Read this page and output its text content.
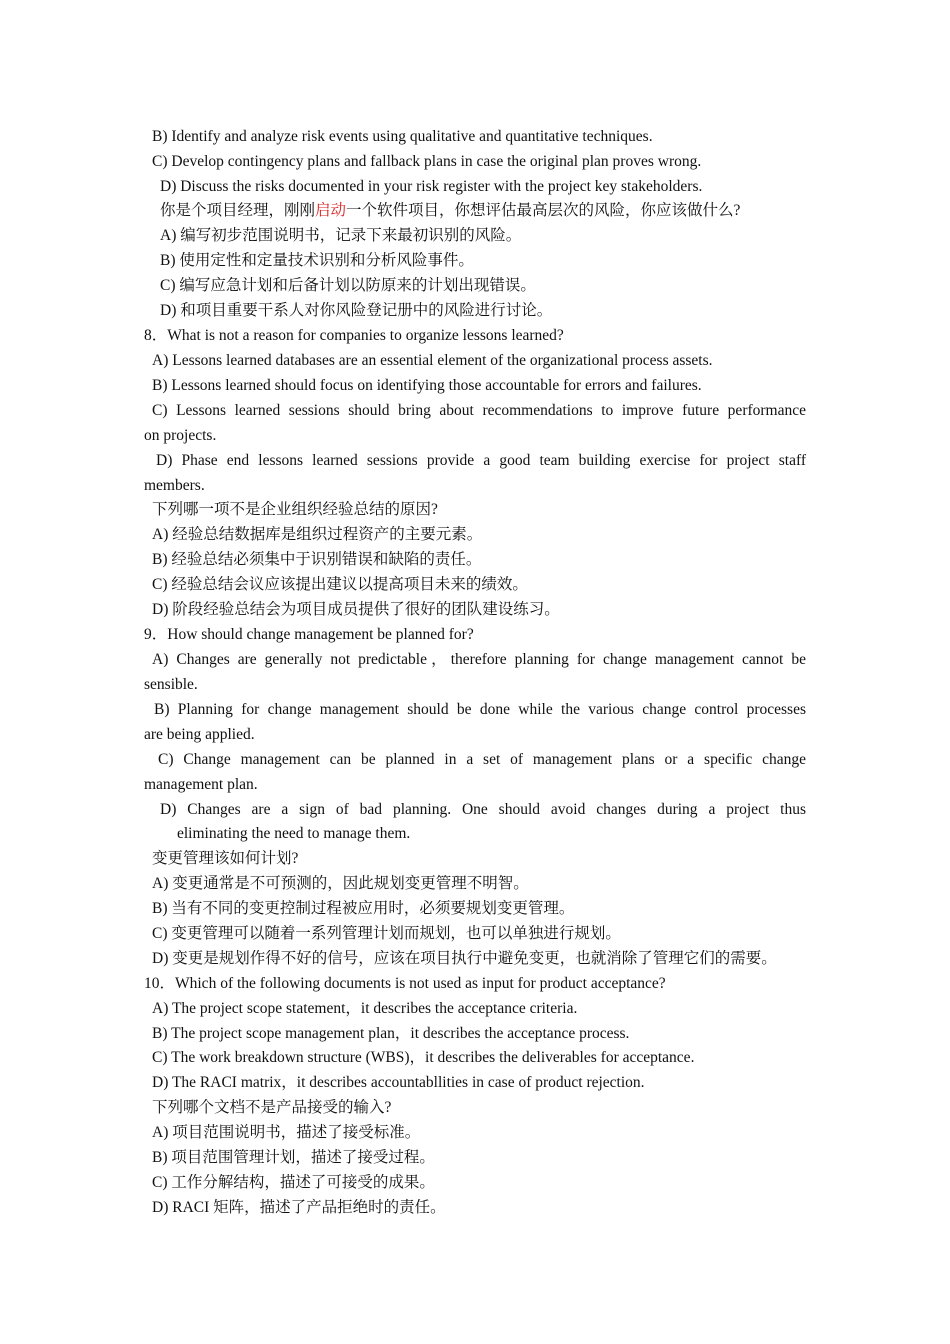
B) Identify and analyze risk events using qualitative and quantitative techniques.
C) Develop contingency plans and fallback plans in case the original plan proves wrong.
D) Discuss the risks documented in your risk register with the project key stakeholders.
你是个项目经理，刚刚启动一个软件项目，你想评估最高层次的风险，你应该做什么?
A) 编写初步范围说明书，记录下来最初识别的风险。
B) 使用定性和定量技术识别和分析风险事件。
C) 编写应急计划和后备计划以防原来的计划出现错误。
D) 和项目重要干系人对你风险登记册中的风险进行讨论。
8．What is not a reason for companies to organize lessons learned?
A) Lessons learned databases are an essential element of the organizational process assets.
B) Lessons learned should focus on identifying those accountable for errors and failures.
C) Lessons learned sessions should bring about recommendations to improve future performance
on projects.
D) Phase end lessons learned sessions provide a good team building exercise for project staff
members.
下列哪一项不是企业组织经验总结的原因?
A) 经验总结数据库是组织过程资产的主要元素。
B) 经验总结必须集中于识别错误和缺陷的责任。
C) 经验总结会议应该提出建议以提高项目未来的绩效。
D) 阶段经验总结会为项目成员提供了很好的团队建设练习。
9．How should change management be planned for?
A) Changes are generally not predictable，therefore planning for change management cannot be
sensible.
B) Planning for change management should be done while the various change control processes
are being applied.
C) Change management can be planned in a set of management plans or a specific change
management plan.
D) Changes are a sign of bad planning. One should avoid changes during a project thus
eliminating the need to manage them.
变更管理该如何计划?
A) 变更通常是不可预测的，因此规划变更管理不明智。
B) 当有不同的变更控制过程被应用时，必须要规划变更管理。
C) 变更管理可以随着一系列管理计划而规划，也可以单独进行规划。
D) 变更是规划作得不好的信号，应该在项目执行中避免变更，也就消除了管理它们的需要。
10．Which of the following documents is not used as input for product acceptance?
A) The project scope statement，it describes the acceptance criteria.
B) The project scope management plan，it describes the acceptance process.
C) The work breakdown structure (WBS)，it describes the deliverables for acceptance.
D) The RACI matrix，it describes accountabllities in case of product rejection.
下列哪个文档不是产品接受的输入?
A) 项目范围说明书，描述了接受标准。
B) 项目范围管理计划，描述了接受过程。
C) 工作分解结构，描述了可接受的成果。
D) RACI 矩阵，描述了产品拒绝时的责任。
